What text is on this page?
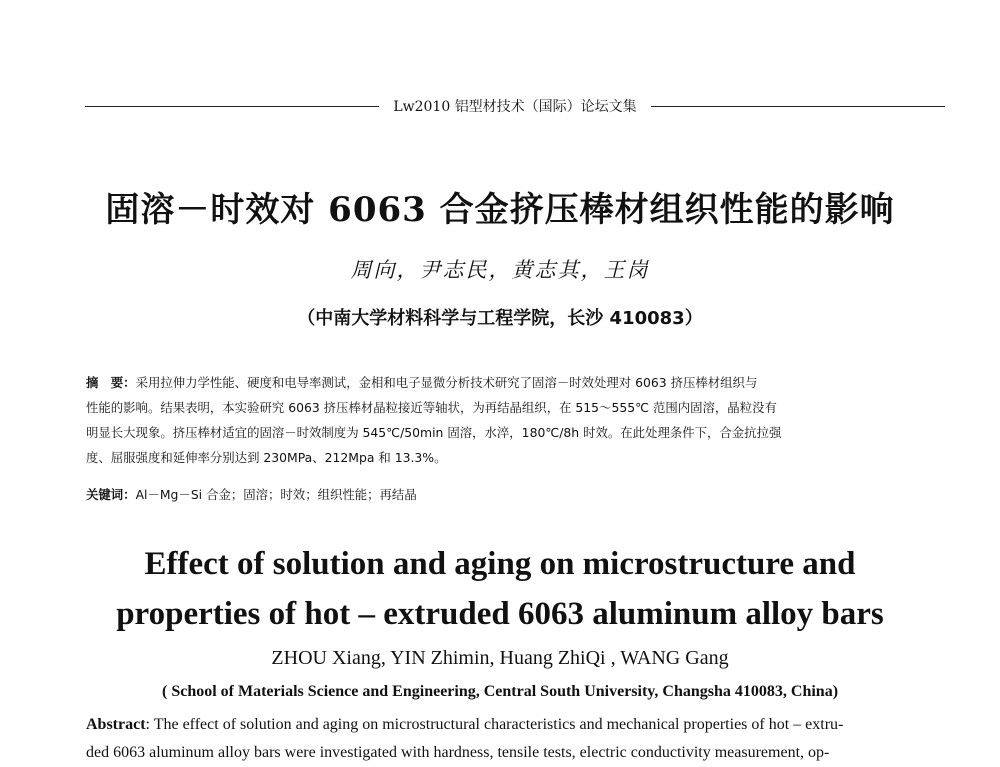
Lw2010 铝型材技术（国际）论坛文集
固溶－时效对 6063 合金挤压棒材组织性能的影响
周向，尹志民，黄志其，王岗
（中南大学材料科学与工程学院，长沙 410083）
摘　要：采用拉伸力学性能、硬度和电导率测试，金相和电子显微分析技术研究了固溶－时效处理对 6063 挤压棒材组织与
性能的影响。结果表明，本实验研究 6063 挤压棒材晶粒接近等轴状，为再结晶组织，在 515～555℃ 范围内固溶，晶粒没有
明显长大现象。挤压棒材适宜的固溶－时效制度为 545℃/50min 固溶，水淬，180℃/8h 时效。在此处理条件下，合金抗拉强
度、屈服强度和延伸率分别达到 230MPa、212Mpa 和 13.3%。
关键词：Al－Mg－Si 合金；固溶；时效；组织性能；再结晶
Effect of solution and aging on microstructure and
properties of hot – extruded 6063 aluminum alloy bars
ZHOU Xiang, YIN Zhimin, Huang ZhiQi , WANG Gang
( School of Materials Science and Engineering, Central South University, Changsha 410083, China)
Abstract: The effect of solution and aging on microstructural characteristics and mechanical properties of hot – extru-
ded 6063 aluminum alloy bars were investigated with hardness, tensile tests, electric conductivity measurement, op-
